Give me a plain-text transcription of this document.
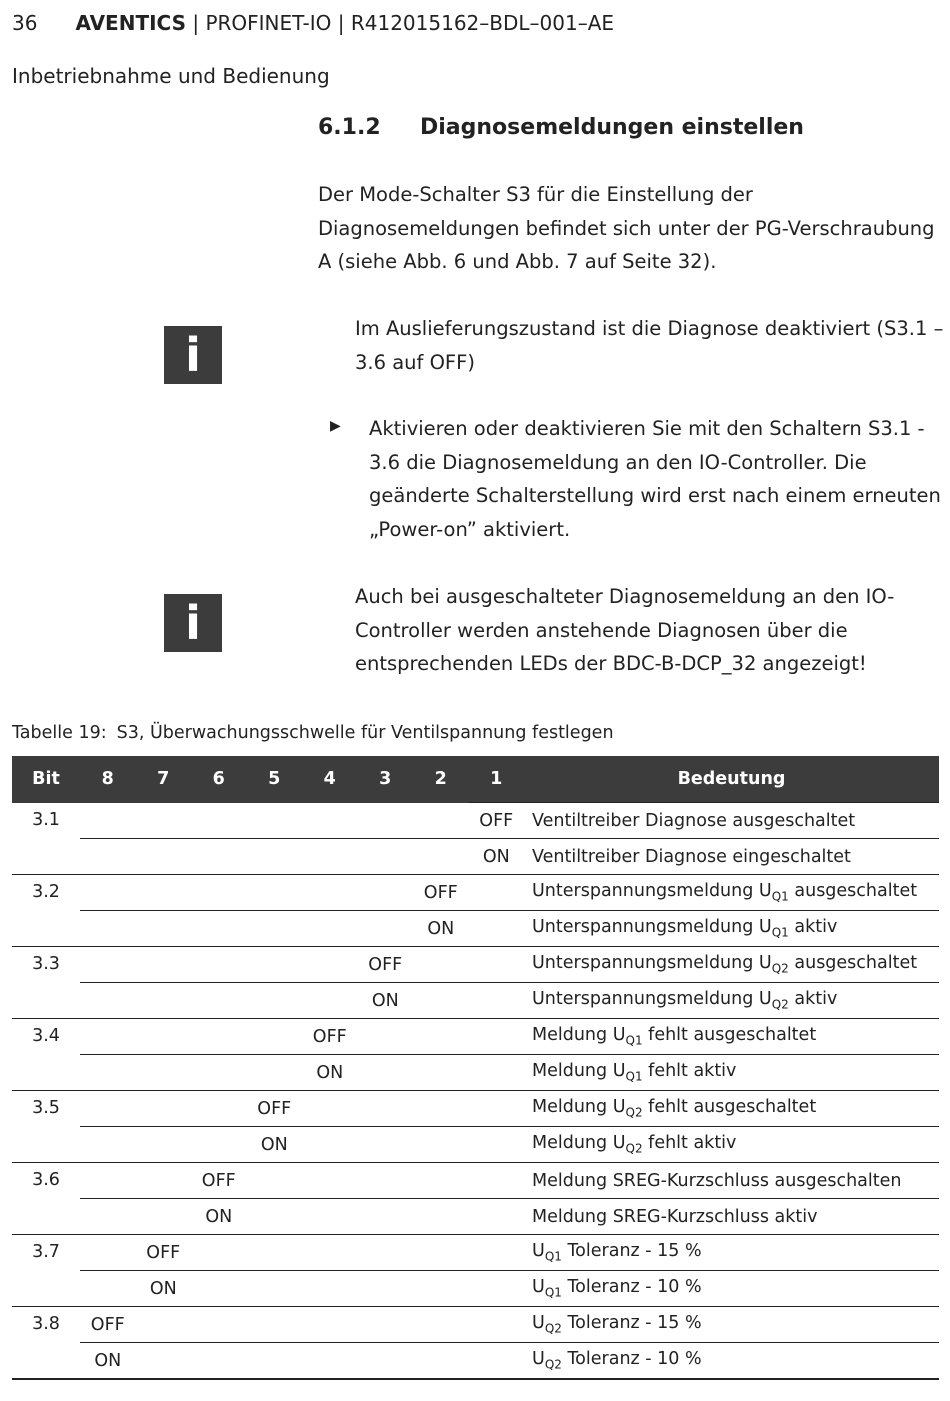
36 AVENTICS | PROFINET-IO | R412015162–BDL–001–AE
Inbetriebnahme und Bedienung
6.1.2 Diagnosemeldungen einstellen
Der Mode-Schalter S3 für die Einstellung der Diagnosemeldungen befindet sich unter der PG-Verschraubung A (siehe Abb. 6 und Abb. 7 auf Seite 32).
i	Im Auslieferungszustand ist die Diagnose deaktiviert (S3.1 – 3.6 auf OFF)
▶ Aktivieren oder deaktivieren Sie mit den Schaltern S3.1 - 3.6 die Diagnosemeldung an den IO-Controller. Die geänderte Schalterstellung wird erst nach einem erneuten „Power-on” aktiviert.
i	Auch bei ausgeschalteter Diagnosemeldung an den IO-Controller werden anstehende Diagnosen über die entsprechenden LEDs der BDC-B-DCP_32 angezeigt!
Tabelle 19: S3, Überwachungsschwelle für Ventilspannung festlegen
Bit	8	7	6	5	4	3	2	1	Bedeutung
3.1								OFF	Ventiltreiber Diagnose ausgeschaltet
								ON	Ventiltreiber Diagnose eingeschaltet
3.2							OFF		Unterspannungsmeldung $U_{Q1}$ ausgeschaltet
							ON		Unterspannungsmeldung $U_{Q1}$ aktiv
3.3						OFF			Unterspannungsmeldung $U_{Q2}$ ausgeschaltet
						ON			Unterspannungsmeldung $U_{Q2}$ aktiv
3.4					OFF				Meldung $U_{Q1}$ fehlt ausgeschaltet
					ON				Meldung $U_{Q1}$ fehlt aktiv
3.5				OFF					Meldung $U_{Q2}$ fehlt ausgeschaltet
				ON					Meldung $U_{Q2}$ fehlt aktiv
3.6			OFF						Meldung SREG-Kurzschluss ausgeschalten
			ON						Meldung SREG-Kurzschluss aktiv
3.7		OFF							$U_{Q1}$ Toleranz - 15 %
		ON							$U_{Q1}$ Toleranz - 10 %
3.8	OFF								$U_{Q2}$ Toleranz - 15 %
	ON								$U_{Q2}$ Toleranz - 10 %
